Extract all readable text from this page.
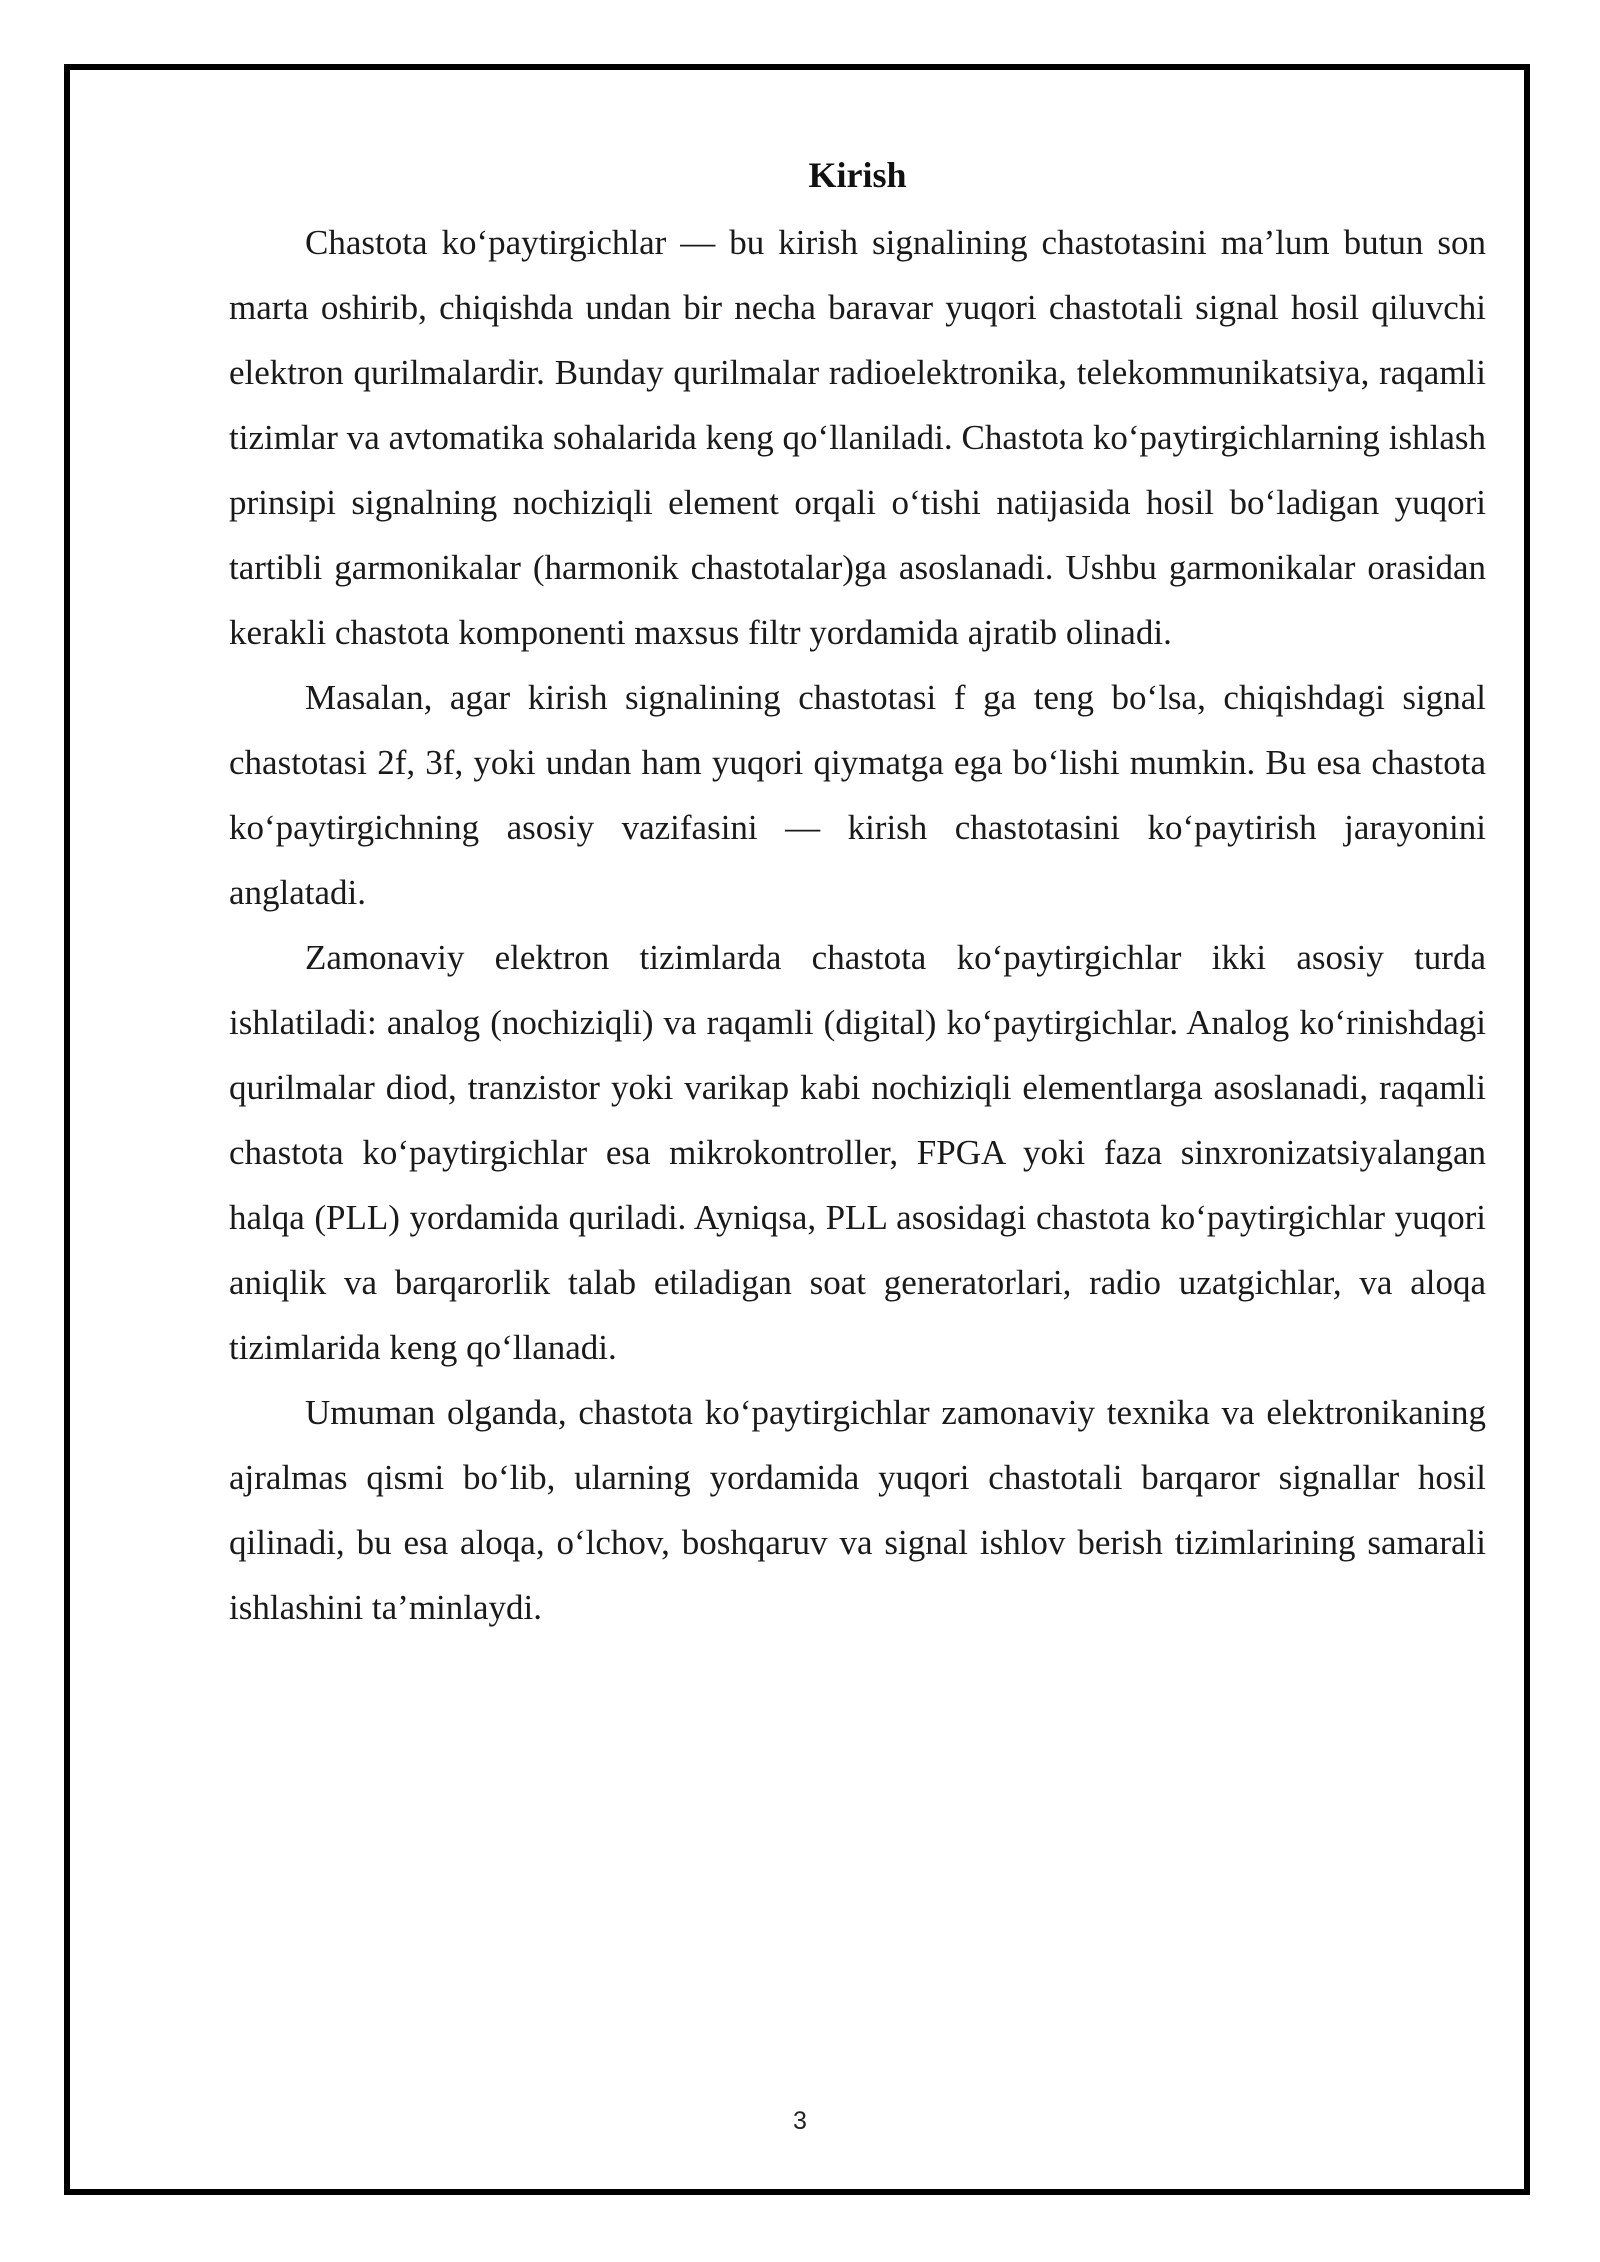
Kirish

Chastota ko‘paytirgichlar — bu kirish signalining chastotasini ma’lum butun son marta oshirib, chiqishda undan bir necha baravar yuqori chastotali signal hosil qiluvchi elektron qurilmalardir. Bunday qurilmalar radioelektronika, telekommunikatsiya, raqamli tizimlar va avtomatika sohalarida keng qo‘llaniladi. Chastota ko‘paytirgichlarning ishlash prinsipi signalning nochiziqli element orqali o‘tishi natijasida hosil bo‘ladigan yuqori tartibli garmonikalar (harmonik chastotalar)ga asoslanadi. Ushbu garmonikalar orasidan kerakli chastota komponenti maxsus filtr yordamida ajratib olinadi.

Masalan, agar kirish signalining chastotasi f ga teng bo‘lsa, chiqishdagi signal chastotasi 2f, 3f, yoki undan ham yuqori qiymatga ega bo‘lishi mumkin. Bu esa chastota ko‘paytirgichning asosiy vazifasini — kirish chastotasini ko‘paytirish jarayonini anglatadi.

Zamonaviy elektron tizimlarda chastota ko‘paytirgichlar ikki asosiy turda ishlatiladi: analog (nochiziqli) va raqamli (digital) ko‘paytirgichlar. Analog ko‘rinishdagi qurilmalar diod, tranzistor yoki varikap kabi nochiziqli elementlarga asoslanadi, raqamli chastota ko‘paytirgichlar esa mikrokontroller, FPGA yoki faza sinxronizatsiyalangan halqa (PLL) yordamida quriladi. Ayniqsa, PLL asosidagi chastota ko‘paytirgichlar yuqori aniqlik va barqarorlik talab etiladigan soat generatorlari, radio uzatgichlar, va aloqa tizimlarida keng qo‘llanadi.

Umuman olganda, chastota ko‘paytirgichlar zamonaviy texnika va elektronikaning ajralmas qismi bo‘lib, ularning yordamida yuqori chastotali barqaror signallar hosil qilinadi, bu esa aloqa, o‘lchov, boshqaruv va signal ishlov berish tizimlarining samarali ishlashini ta’minlaydi.

3
